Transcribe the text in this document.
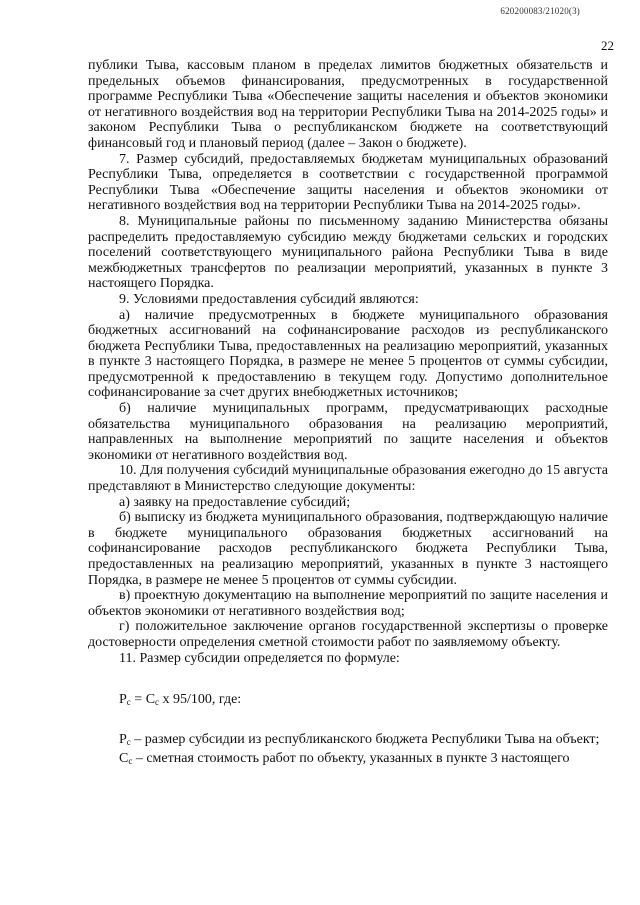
620200083/21020(3)
22

публики Тыва, кассовым планом в пределах лимитов бюджетных обязательств и предельных объемов финансирования, предусмотренных в государственной программе Республики Тыва «Обеспечение защиты населения и объектов экономики от негативного воздействия вод на территории Республики Тыва на 2014-2025 годы» и законом Республики Тыва о республиканском бюджете на соответствующий финансовый год и плановый период (далее – Закон о бюджете).

7. Размер субсидий, предоставляемых бюджетам муниципальных образований Республики Тыва, определяется в соответствии с государственной программой Республики Тыва «Обеспечение защиты населения и объектов экономики от негативного воздействия вод на территории Республики Тыва на 2014-2025 годы».

8. Муниципальные районы по письменному заданию Министерства обязаны распределить предоставляемую субсидию между бюджетами сельских и городских поселений соответствующего муниципального района Республики Тыва в виде межбюджетных трансфертов по реализации мероприятий, указанных в пункте 3 настоящего Порядка.

9. Условиями предоставления субсидий являются:

а) наличие предусмотренных в бюджете муниципального образования бюджетных ассигнований на софинансирование расходов из республиканского бюджета Республики Тыва, предоставленных на реализацию мероприятий, указанных в пункте 3 настоящего Порядка, в размере не менее 5 процентов от суммы субсидии, предусмотренной к предоставлению в текущем году. Допустимо дополнительное софинансирование за счет других внебюджетных источников;

б) наличие муниципальных программ, предусматривающих расходные обязательства муниципального образования на реализацию мероприятий, направленных на выполнение мероприятий по защите населения и объектов экономики от негативного воздействия вод.

10. Для получения субсидий муниципальные образования ежегодно до 15 августа представляют в Министерство следующие документы:

а) заявку на предоставление субсидий;

б) выписку из бюджета муниципального образования, подтверждающую наличие в бюджете муниципального образования бюджетных ассигнований на софинансирование расходов республиканского бюджета Республики Тыва, предоставленных на реализацию мероприятий, указанных в пункте 3 настоящего Порядка, в размере не менее 5 процентов от суммы субсидии.

в) проектную документацию на выполнение мероприятий по защите населения и объектов экономики от негативного воздействия вод;

г) положительное заключение органов государственной экспертизы о проверке достоверности определения сметной стоимости работ по заявляемому объекту.

11. Размер субсидии определяется по формуле:

$Р_с = С_с$ х 95/100, где:

$Р_с$ – размер субсидии из республиканского бюджета Республики Тыва на объект;

$С_с$ – сметная стоимость работ по объекту, указанных в пункте 3 настоящего
